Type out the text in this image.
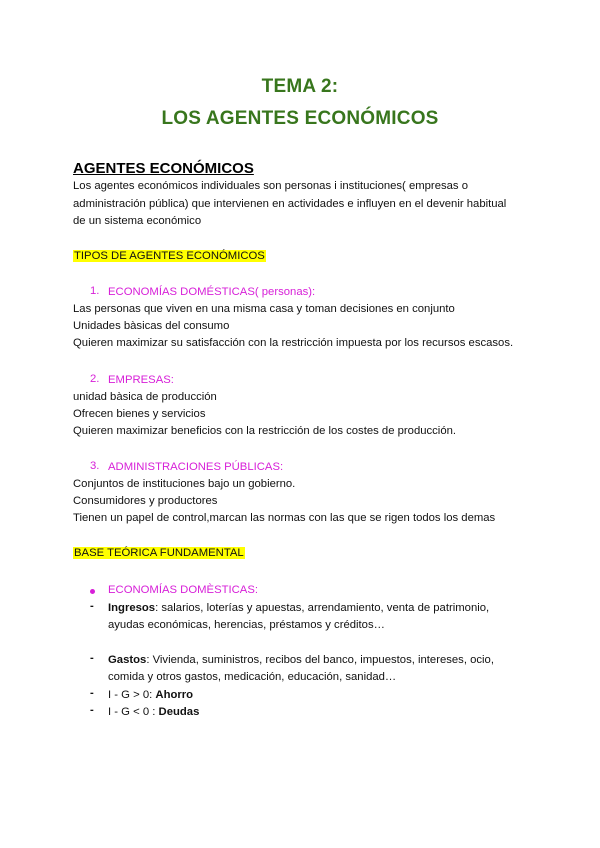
TEMA 2:
LOS AGENTES ECONÓMICOS
AGENTES ECONÓMICOS
Los agentes económicos individuales son personas i instituciones( empresas o
administración pública) que intervienen en actividades e influyen en el devenir habitual
de un sistema económico
TIPOS DE AGENTES ECONÓMICOS
1. ECONOMÍAS DOMÉSTICAS( personas):
Las personas que viven en una misma casa y toman decisiones en conjunto
Unidades bàsicas del consumo
Quieren maximizar su satisfacción con la restricción impuesta por los recursos escasos.
2. EMPRESAS:
unidad bàsica de producción
Ofrecen bienes y servicios
Quieren maximizar beneficios con la restricción de los costes de producción.
3. ADMINISTRACIONES PÚBLICAS:
Conjuntos de instituciones bajo un gobierno.
Consumidores y productores
Tienen un papel de control,marcan las normas con las que se rigen todos los demas
BASE TEÓRICA FUNDAMENTAL
ECONOMÍAS DOMÈSTICAS:
- Ingresos: salarios, loterías y apuestas, arrendamiento, venta de patrimonio,
ayudas económicas, herencias, préstamos y créditos…
- Gastos: Vivienda, suministros, recibos del banco, impuestos, intereses, ocio,
comida y otros gastos, medicación, educación, sanidad…
- I - G > 0: Ahorro
- I - G < 0 : Deudas
